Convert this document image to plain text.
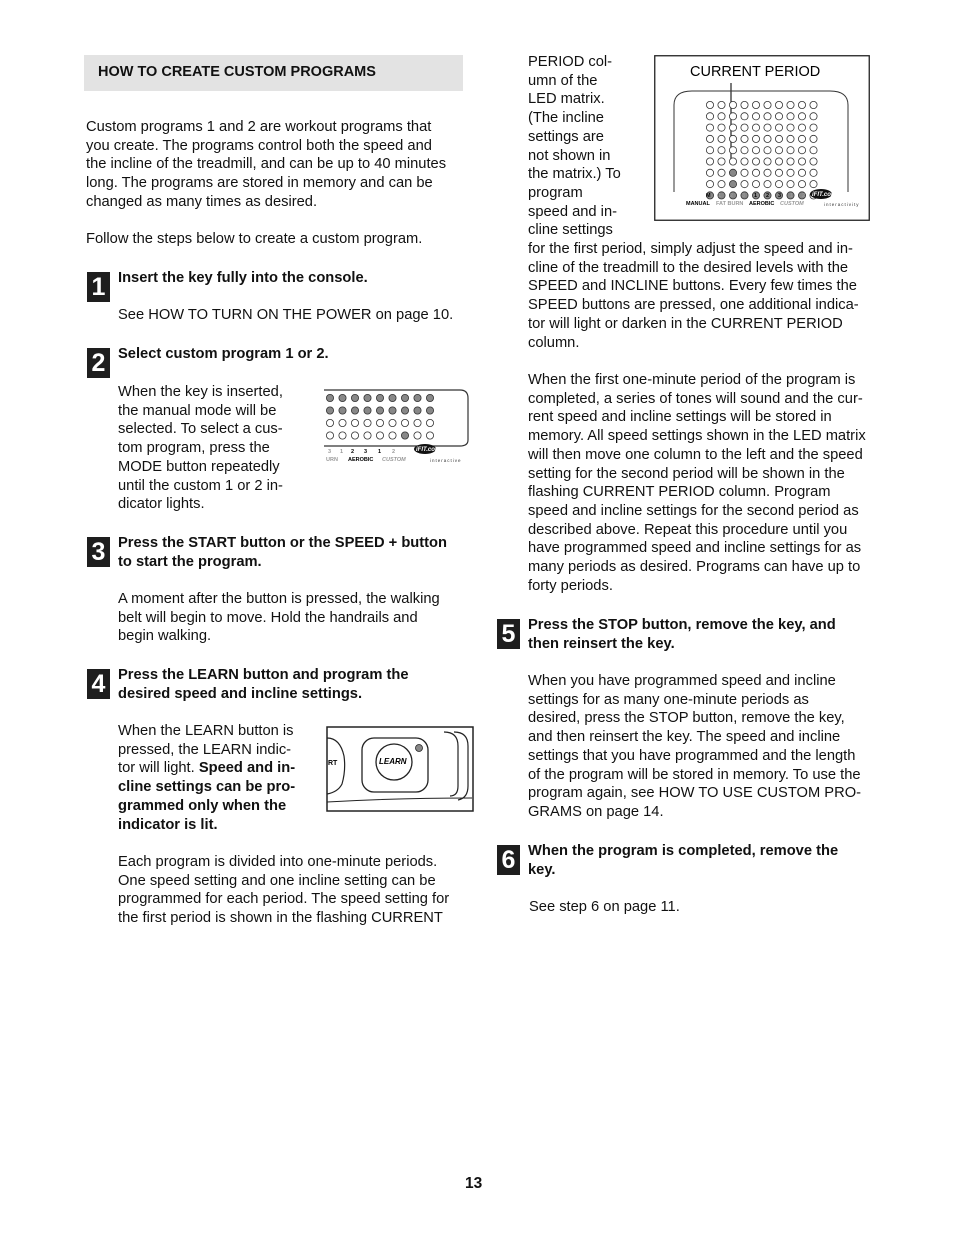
HOW TO CREATE CUSTOM PROGRAMS

Custom programs 1 and 2 are workout programs that

you create. The programs control both the speed and

the incline of the treadmill, and can be up to 40 minutes

long. The programs are stored in memory and can be

changed as many times as desired.

Follow the steps below to create a custom program.

1 Insert the key fully into the console.

See HOW TO TURN ON THE POWER on page 10.

2 Select custom program 1 or 2.

When the key is inserted,

the manual mode will be

selected. To select a cus-

tom program, press the

MODE button repeatedly

until the custom 1 or 2 in-

dicator lights.

3 1 2 3 1 2
URN AEROBIC CUSTOM
iFIT.com
interactive
3 Press the START button or the SPEED + button

to start the program.

A moment after the button is pressed, the walking

belt will begin to move. Hold the handrails and

begin walking.

4 Press the LEARN button and program the

desired speed and incline settings.

When the LEARN button is

pressed, the LEARN indic-

tor will light. Speed and in-

cline settings can be pro-

grammed only when the

indicator is lit.

RT	LEARN

Each program is divided into one-minute periods.

One speed setting and one incline setting can be

programmed for each period. The speed setting for

the first period is shown in the flashing CURRENT

PERIOD col-

umn of the

LED matrix.

(The incline

settings are

not shown in

the matrix.) To

program

speed and in-

cline settings

for the first period, simply adjust the speed and in-

cline of the treadmill to the desired levels with the

SPEED and INCLINE buttons. Every few times the

SPEED buttons are pressed, one additional indica-

tor will light or darken in the CURRENT PERIOD

column.

CURRENT PERIOD
M 1 2 3 1 2 3 1 2
MANUAL FAT BURN AEROBIC CUSTOM
iFIT.com
interactivity

When the first one-minute period of the program is

completed, a series of tones will sound and the cur-

rent speed and incline settings will be stored in

memory. All speed settings shown in the LED matrix

will then move one column to the left and the speed

setting for the second period will be shown in the

flashing CURRENT PERIOD column. Program

speed and incline settings for the second period as

described above. Repeat this procedure until you

have programmed speed and incline settings for as

many periods as desired. Programs can have up to

forty periods.

5 Press the STOP button, remove the key, and

then reinsert the key.

When you have programmed speed and incline

settings for as many one-minute periods as

desired, press the STOP button, remove the key,

and then reinsert the key. The speed and incline

settings that you have programmed and the length

of the program will be stored in memory. To use the

program again, see HOW TO USE CUSTOM PRO-

GRAMS on page 14.

6 When the program is completed, remove the

key.

See step 6 on page 11.

13
